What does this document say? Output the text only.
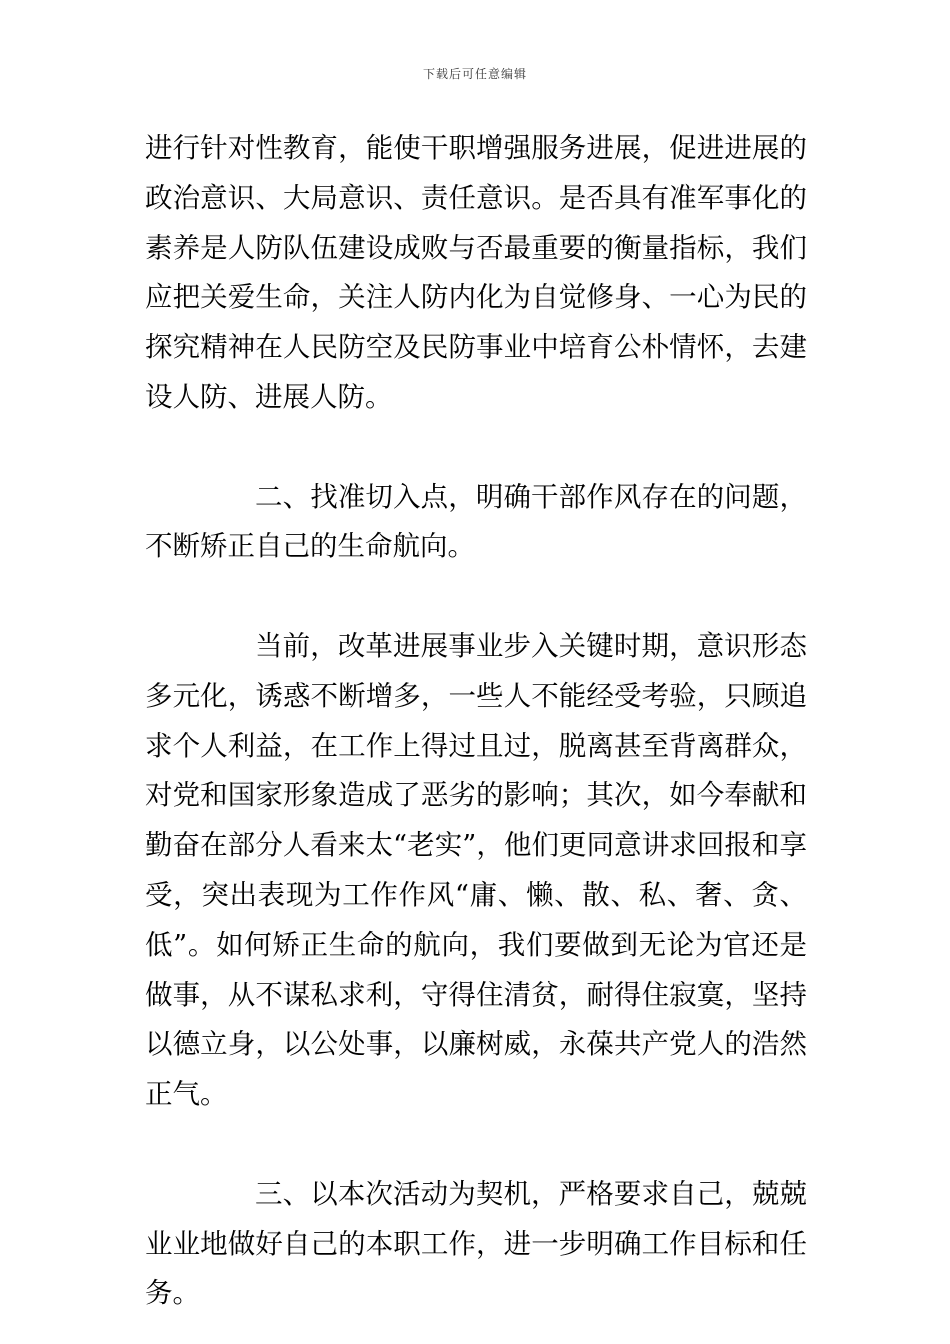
下载后可任意编辑

进行针对性教育，能使干职增强服务进展，促进进展的政治意识、大局意识、责任意识。是否具有准军事化的素养是人防队伍建设成败与否最重要的衡量指标，我们应把关爱生命，关注人防内化为自觉修身、一心为民的探究精神在人民防空及民防事业中培育公朴情怀，去建设人防、进展人防。

二、找准切入点，明确干部作风存在的问题，不断矫正自己的生命航向。

当前，改革进展事业步入关键时期，意识形态多元化，诱惑不断增多，一些人不能经受考验，只顾追求个人利益，在工作上得过且过，脱离甚至背离群众，对党和国家形象造成了恶劣的影响；其次，如今奉献和勤奋在部分人看来太“老实”，他们更同意讲求回报和享受，突出表现为工作作风“庸、懒、散、私、奢、贪、低”。如何矫正生命的航向，我们要做到无论为官还是做事，从不谋私求利，守得住清贫，耐得住寂寞，坚持以德立身，以公处事，以廉树威，永葆共产党人的浩然正气。

三、以本次活动为契机，严格要求自己，兢兢业业地做好自己的本职工作，进一步明确工作目标和任务。
